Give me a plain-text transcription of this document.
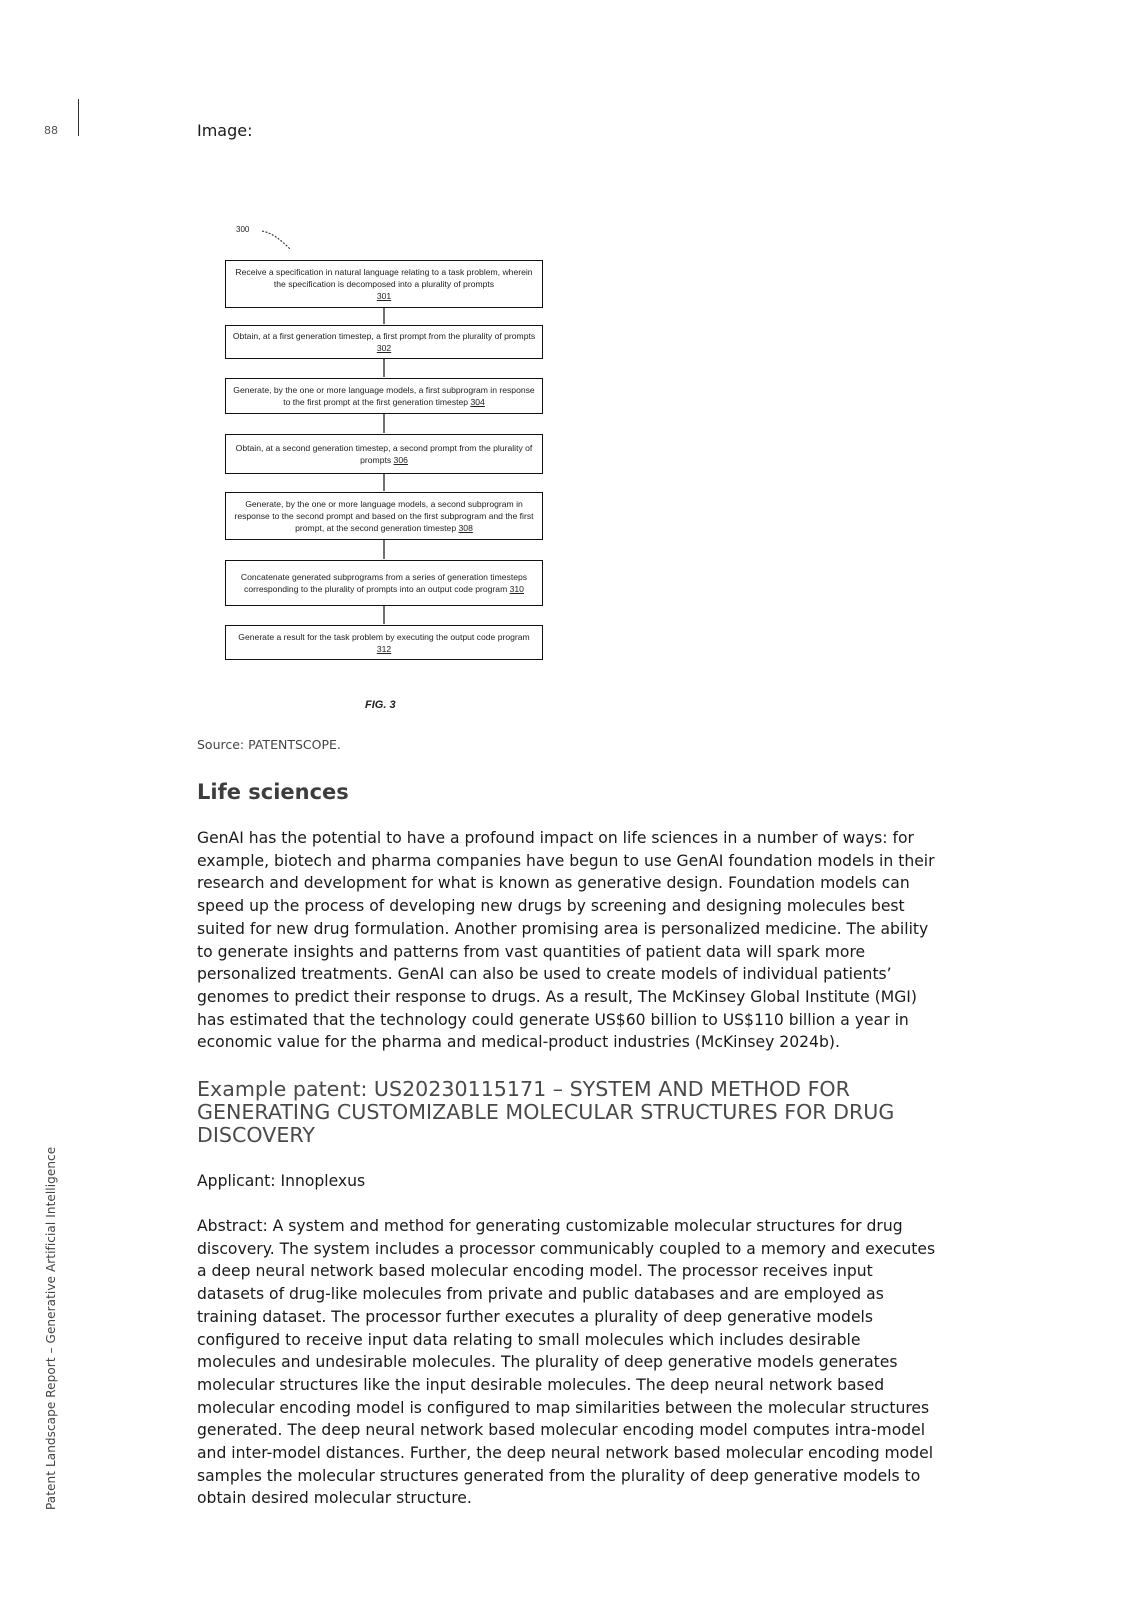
88
Patent Landscape Report – Generative Artificial Intelligence
Image:
300
Receive a specification in natural language relating to a task problem, wherein the specification is decomposed into a plurality of prompts
301
Obtain, at a first generation timestep, a first prompt from the plurality of prompts 302
Generate, by the one or more language models, a first subprogram in response to the first prompt at the first generation timestep 304
Obtain, at a second generation timestep, a second prompt from the plurality of prompts 306
Generate, by the one or more language models, a second subprogram in response to the second prompt and based on the first subprogram and the first prompt, at the second generation timestep 308
Concatenate generated subprograms from a series of generation timesteps corresponding to the plurality of prompts into an output code program 310
Generate a result for the task problem by executing the output code program 312
FIG. 3
Source: PATENTSCOPE.
Life sciences

GenAI has the potential to have a profound impact on life sciences in a number of ways: for example, biotech and pharma companies have begun to use GenAI foundation models in their research and development for what is known as generative design. Foundation models can speed up the process of developing new drugs by screening and designing molecules best suited for new drug formulation. Another promising area is personalized medicine. The ability to generate insights and patterns from vast quantities of patient data will spark more personalized treatments. GenAI can also be used to create models of individual patients’ genomes to predict their response to drugs. As a result, The McKinsey Global Institute (MGI) has estimated that the technology could generate US$60 billion to US$110 billion a year in economic value for the pharma and medical-product industries (McKinsey 2024b).

Example patent: US20230115171 – SYSTEM AND METHOD FOR GENERATING CUSTOMIZABLE MOLECULAR STRUCTURES FOR DRUG DISCOVERY

Applicant: Innoplexus

Abstract: A system and method for generating customizable molecular structures for drug discovery. The system includes a processor communicably coupled to a memory and executes a deep neural network based molecular encoding model. The processor receives input datasets of drug-like molecules from private and public databases and are employed as training dataset. The processor further executes a plurality of deep generative models configured to receive input data relating to small molecules which includes desirable molecules and undesirable molecules. The plurality of deep generative models generates molecular structures like the input desirable molecules. The deep neural network based molecular encoding model is configured to map similarities between the molecular structures generated. The deep neural network based molecular encoding model computes intra-model and inter-model distances. Further, the deep neural network based molecular encoding model samples the molecular structures generated from the plurality of deep generative models to obtain desired molecular structure.
